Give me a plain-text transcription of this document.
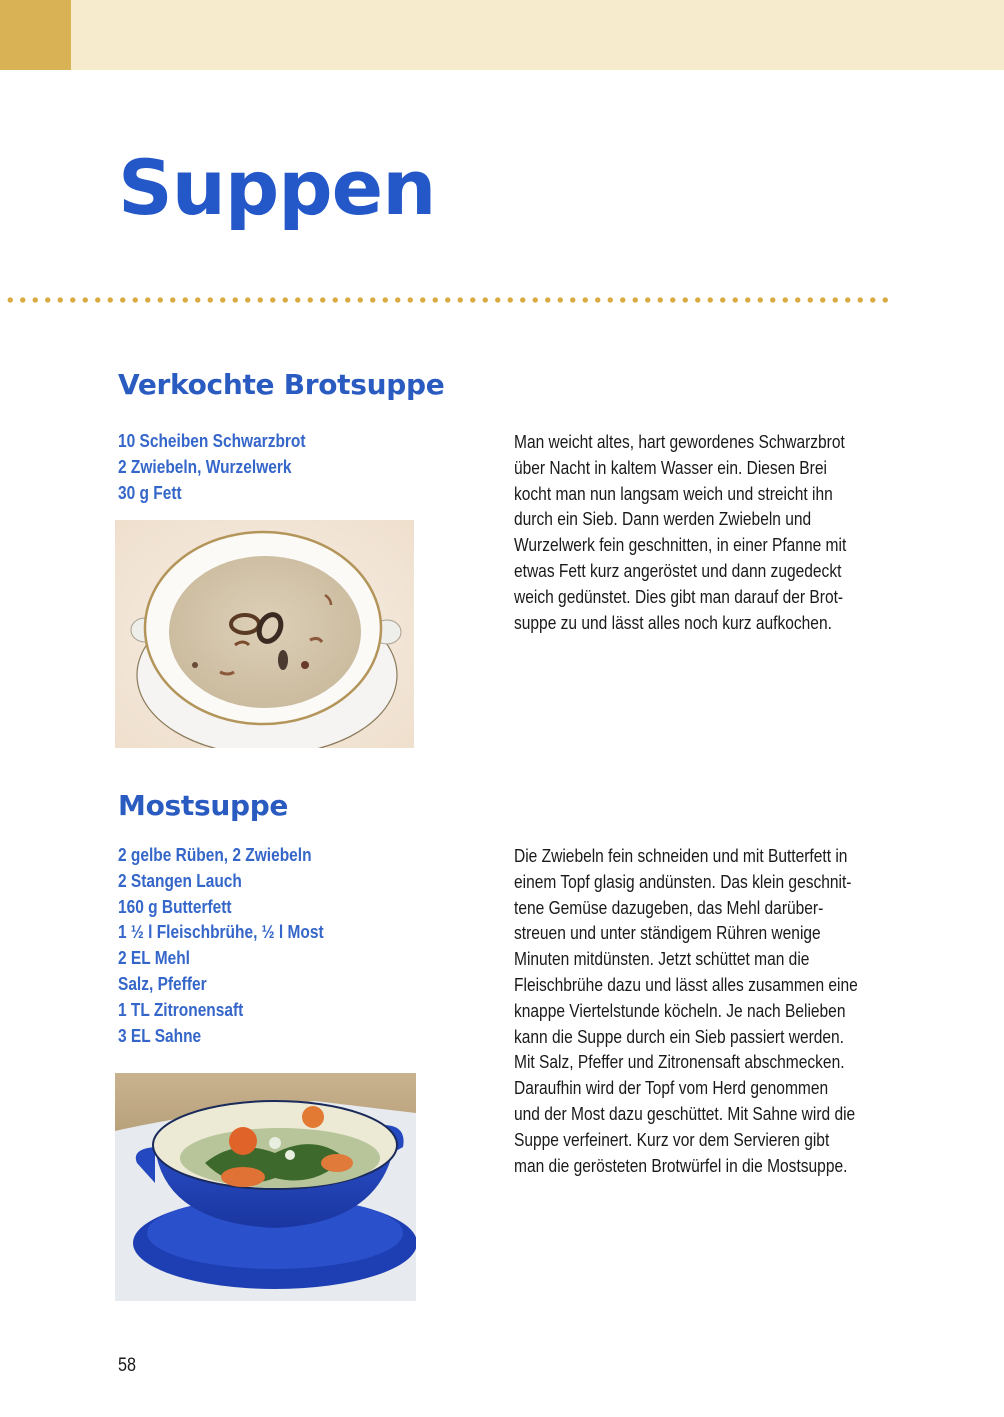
Suppen
Verkochte Brotsuppe
10 Scheiben Schwarzbrot
2 Zwiebeln, Wurzelwerk
30 g Fett

Man weicht altes, hart gewordenes Schwarzbrot
über Nacht in kaltem Wasser ein. Diesen Brei
kocht man nun langsam weich und streicht ihn
durch ein Sieb. Dann werden Zwiebeln und
Wurzelwerk fein geschnitten, in einer Pfanne mit
etwas Fett kurz angeröstet und dann zugedeckt
weich gedünstet. Dies gibt man darauf der Brot-
suppe zu und lässt alles noch kurz aufkochen.

Mostsuppe
2 gelbe Rüben, 2 Zwiebeln
2 Stangen Lauch
160 g Butterfett
1 ½ l Fleischbrühe, ½ l Most
2 EL Mehl
Salz, Pfeffer
1 TL Zitronensaft
3 EL Sahne

Die Zwiebeln fein schneiden und mit Butterfett in
einem Topf glasig andünsten. Das klein geschnit-
tene Gemüse dazugeben, das Mehl darüber-
streuen und unter ständigem Rühren wenige
Minuten mitdünsten. Jetzt schüttet man die
Fleischbrühe dazu und lässt alles zusammen eine
knappe Viertelstunde köcheln. Je nach Belieben
kann die Suppe durch ein Sieb passiert werden.
Mit Salz, Pfeffer und Zitronensaft abschmecken.
Daraufhin wird der Topf vom Herd genommen
und der Most dazu geschüttet. Mit Sahne wird die
Suppe verfeinert. Kurz vor dem Servieren gibt
man die gerösteten Brotwürfel in die Mostsuppe.

58
